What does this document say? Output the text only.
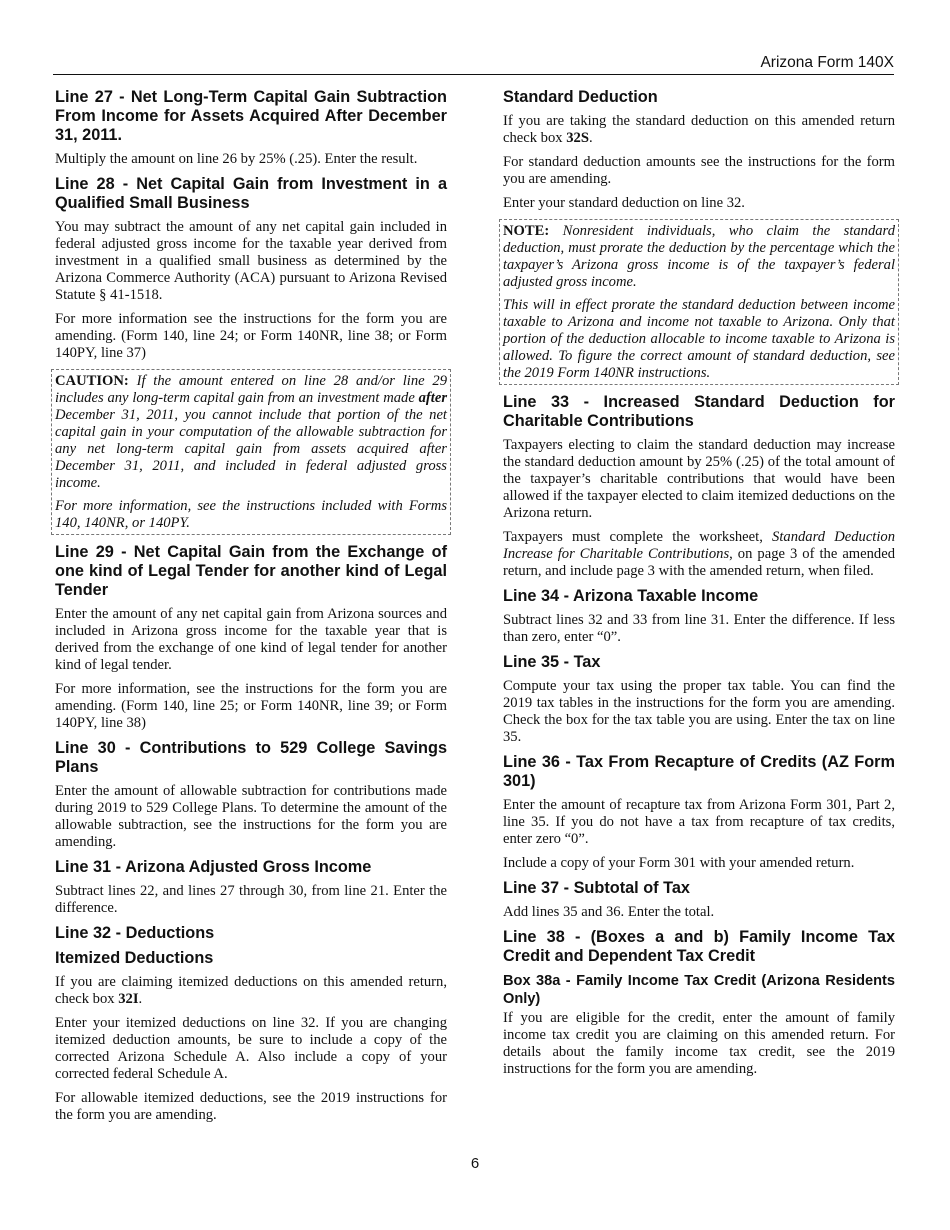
Arizona Form 140X
Line 27 - Net Long-Term Capital Gain Subtraction From Income for Assets Acquired After December 31, 2011.

Multiply the amount on line 26 by 25% (.25). Enter the result.

Line 28 - Net Capital Gain from Investment in a Qualified Small Business

You may subtract the amount of any net capital gain included in federal adjusted gross income for the taxable year derived from investment in a qualified small business as determined by the Arizona Commerce Authority (ACA) pursuant to Arizona Revised Statute § 41-1518.

For more information see the instructions for the form you are amending. (Form 140, line 24; or Form 140NR, line 38; or Form 140PY, line 37)

CAUTION: If the amount entered on line 28 and/or line 29 includes any long-term capital gain from an investment made after December 31, 2011, you cannot include that portion of the net capital gain in your computation of the allowable subtraction for any net long-term capital gain from assets acquired after December 31, 2011, and included in federal adjusted gross income.

For more information, see the instructions included with Forms 140, 140NR, or 140PY.

Line 29 - Net Capital Gain from the Exchange of one kind of Legal Tender for another kind of Legal Tender

Enter the amount of any net capital gain from Arizona sources and included in Arizona gross income for the taxable year that is derived from the exchange of one kind of legal tender for another kind of legal tender.

For more information, see the instructions for the form you are amending. (Form 140, line 25; or Form 140NR, line 39; or Form 140PY, line 38)

Line 30 - Contributions to 529 College Savings Plans

Enter the amount of allowable subtraction for contributions made during 2019 to 529 College Plans. To determine the amount of the allowable subtraction, see the instructions for the form you are amending.

Line 31 - Arizona Adjusted Gross Income

Subtract lines 22, and lines 27 through 30, from line 21. Enter the difference.

Line 32 - Deductions
Itemized Deductions

If you are claiming itemized deductions on this amended return, check box 32I.

Enter your itemized deductions on line 32. If you are changing itemized deduction amounts, be sure to include a copy of the corrected Arizona Schedule A. Also include a copy of your corrected federal Schedule A.

For allowable itemized deductions, see the 2019 instructions for the form you are amending.

Standard Deduction

If you are taking the standard deduction on this amended return check box 32S.

For standard deduction amounts see the instructions for the form you are amending.

Enter your standard deduction on line 32.

NOTE: Nonresident individuals, who claim the standard deduction, must prorate the deduction by the percentage which the taxpayer’s Arizona gross income is of the taxpayer’s federal adjusted gross income.

This will in effect prorate the standard deduction between income taxable to Arizona and income not taxable to Arizona. Only that portion of the deduction allocable to income taxable to Arizona is allowed. To figure the correct amount of standard deduction, see the 2019 Form 140NR instructions.

Line 33 - Increased Standard Deduction for Charitable Contributions

Taxpayers electing to claim the standard deduction may increase the standard deduction amount by 25% (.25) of the total amount of the taxpayer’s charitable contributions that would have been allowed if the taxpayer elected to claim itemized deductions on the Arizona return.

Taxpayers must complete the worksheet, Standard Deduction Increase for Charitable Contributions, on page 3 of the amended return, and include page 3 with the amended return, when filed.

Line 34 - Arizona Taxable Income

Subtract lines 32 and 33 from line 31. Enter the difference. If less than zero, enter “0”.

Line 35 - Tax

Compute your tax using the proper tax table. You can find the 2019 tax tables in the instructions for the form you are amending. Check the box for the tax table you are using. Enter the tax on line 35.

Line 36 - Tax From Recapture of Credits (AZ Form 301)

Enter the amount of recapture tax from Arizona Form 301, Part 2, line 35. If you do not have a tax from recapture of tax credits, enter zero “0”.

Include a copy of your Form 301 with your amended return.

Line 37 - Subtotal of Tax

Add lines 35 and 36. Enter the total.

Line 38 - (Boxes a and b) Family Income Tax Credit and Dependent Tax Credit
Box 38a - Family Income Tax Credit (Arizona Residents Only)

If you are eligible for the credit, enter the amount of family income tax credit you are claiming on this amended return. For details about the family income tax credit, see the 2019 instructions for the form you are amending.

6
